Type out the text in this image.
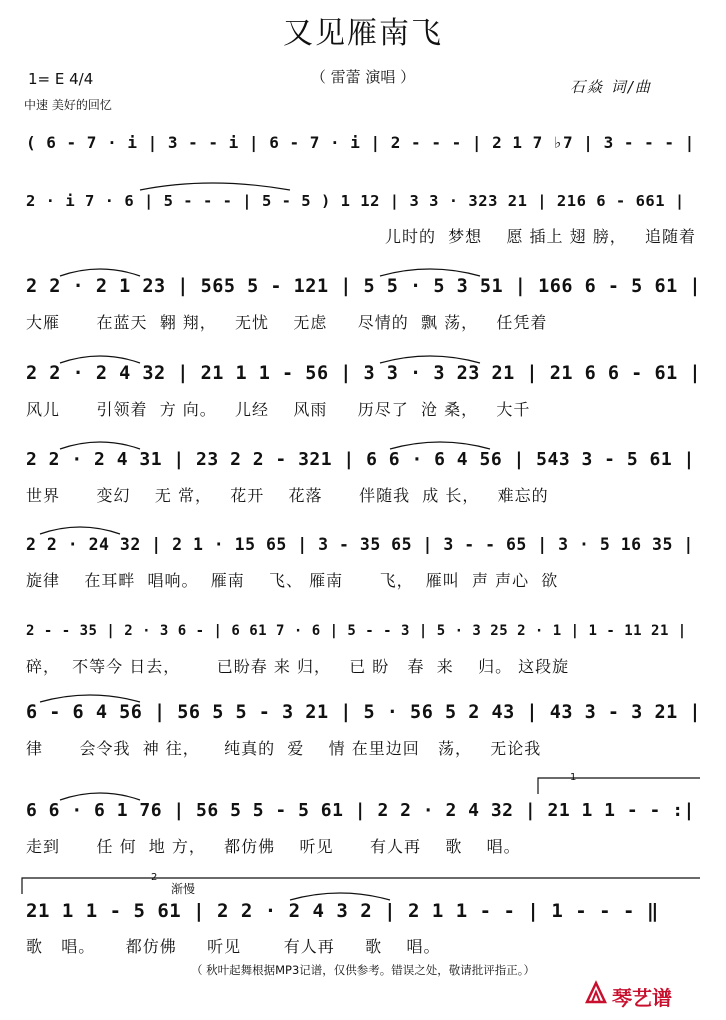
又见雁南飞
（ 雷蕾 演唱 ）
1= E 4/4
中速 美好的回忆
石焱 词/曲
( 6 - 7 · i | 3 - - i | 6 - 7 · i | 2 - - - | 2 1 7 ♭7 | 3 - - - |
2 · i 7 · 6 | 5 - - - | 5 - 5 ) 1 12 | 3 3 · 323 21 | 216 6 - 661 |
儿时的  梦想    愿 插上 翅 膀，   追随着
2 2 · 2 1 23 | 565 5 - 121 | 5 5 · 5 3 51 | 166 6 - 5 61 |
大雁      在蓝天  翱 翔，   无忧    无虑     尽情的  飘 荡，   任凭着
2 2 · 2 4 32 | 21 1 1 - 56 | 3 3 · 3 23 21 | 21 6 6 - 61 |
风儿      引领着  方 向。   儿经    风雨     历尽了  沧 桑，   大千
2 2 · 2 4 31 | 23 2 2 - 321 | 6 6 · 6 4 56 | 543 3 - 5 61 |
世界      变幻    无 常，   花开    花落      伴随我  成 长，   难忘的
2 2 · 24 32 | 2 1 · 15 65 | 3 - 35 65 | 3 - - 65 | 3 · 5 16 35 |
旋律    在耳畔  唱响。  雁南    飞、 雁南      飞，  雁叫  声 声心  欲
2 - - 35 | 2 · 3 6 - | 6 61 7 · 6 | 5 - - 3 | 5 · 3 25 2 · 1 | 1 - 11 21 |
碎，  不等今 日去，      已盼春 来 归，   已 盼   春  来    归。 这段旋
6 - 6 4 56 | 56 5 5 - 3 21 | 5 · 56 5 2 43 | 43 3 - 3 21 |
律      会令我  神 往，    纯真的  爱    情 在里边回   荡，   无论我
6 6 · 6 1 76 | 56 5 5 - 5 61 | 2 2 · 2 4 32 | 21 1 1 - - :|
走到      任 何  地 方，   都仿佛    听见      有人再    歌    唱。
21 1 1 - 5 61 | 2 2 · 2 4 3 2 | 2 1 1 - - | 1 - - - ‖
歌   唱。     都仿佛     听见       有人再     歌    唱。
1
2
渐慢
（ 秋叶起舞根据MP3记谱，仅供参考。错误之处，敬请批评指正。）
琴艺谱
